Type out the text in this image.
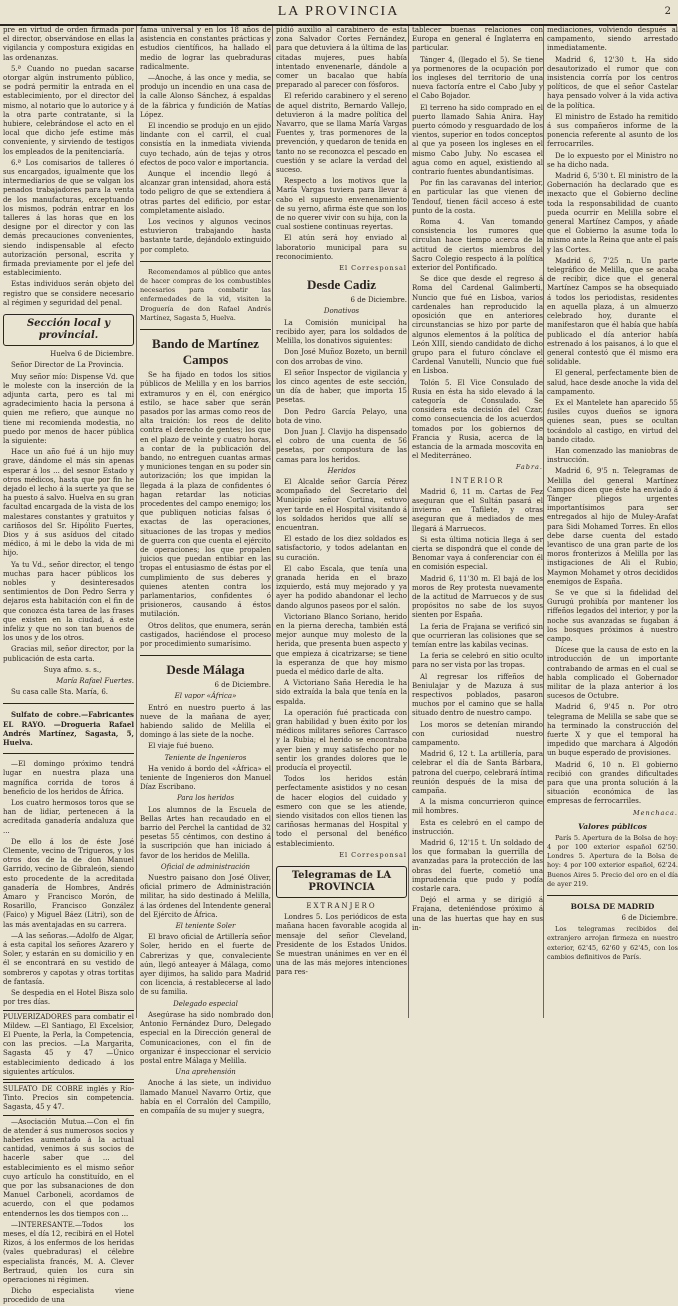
LA PROVINCIA	2

pre en virtud de orden firmada por el director, observándose en ellas la vigilancia y compostura exigidas en las ordenanzas.

5.ª Cuando no puedan sacarse otorgar algún instrumento público, se podrá permitir la entrada en el establecimiento, por el director del mismo, al notario que lo autorice y á la otra parte contratante, si la hubiere, celebrándose el acto en el local que dicho jefe estime más conveniente, y sirviendo de testigos los empleados de la penitenciaría.

6.ª Los comisarios de talleres ó sus encargados, igualmente que los intermediarios de que se valgan los penados trabajadores para la venta de los manufacturas, exceptuando los mismos, podrán entrar en los talleres á las horas que en los designe por el director y con las demás precauciones convenientes, siendo indispensable al efecto autorización personal, escrita y firmada previamente por el jefe del establecimiento.

Estas individuos serán objeto del registro que se considere necesario al régimen y seguridad del penal.

Sección local y provincial.

Huelva 6 de Diciembre.

Señor Director de La Provincia.

Muy señor mío: Dispense Vd. que le moleste con la inserción de la adjunta carta, pero es tal mi agradecimiento hacia la persona á quien me refiero, que aunque no tiene mi recomienda modestia, no puedo por menos de hacer pública la siguiente:

Hace un año fué á un hijo muy grave, dándome el más sin apenas esperar á los ... del sesnor Estado y otros médicos, hasta que por fin he dejado el lecho á la suerte ya que se ha puesto á salvo. Huelva en su gran facultad encargada de la vista de los malestares constantes y gratuitos y cariñosos del Sr. Hipólito Fuertes, Dios y á sus asíduos del citado médico, á mi le debo la vida de mi hijo.

Ya tu Vd., señor director, el tengo muchas para hacer públicos los nobles y desinteresados sentimientos de Don Pedro Serra y dejaros esta habitación con el fin de que conozca ésta tarea de las frases que existen en la ciudad, á este infeliz y que no son tan buenos de los unos y de los otros.

Gracias mil, señor director, por la publicación de esta carta.

Suya afmo. s. s.,

María Rafael Fuertes.

Su casa calle Sta. María, 6.

Sulfato de cobre.—Fabricantes EL RAYO. —Drogueria Rafael Andrés Martínez, Sagasta, 5, Huelva.

—El domingo próximo tendrá lugar en nuestra plaza una magnífica corrida de toros á beneficio de los heridos de África.

Los cuatro hermosos toros que se han de lidiar, pertenecen á la acreditada ganadería andaluza que ...

De ello á los de éste José Clemente, vecino de Trigueros, y los otros dos de la de don Manuel Garrido, vecino de Gibraleón, siendo esto procedente de la acreditada ganadería de Hombres, Andrés Amaro y Francisco Morón, de Rosarillo, Francisco González (Faico) y Miguel Báez (Litri), son de las más aventajadas en su carrera.

—A las señoras.—Adolfo de Algar, á esta capital los señores Azarero y Soler, y estarán en su domicilio y en él se encontrará en su vestido de sombreros y capotas y otras tortitas de fantasía.

Se despedia en el Hotel Bisza solo por tres días.

PULVERIZADORES para combatir el Mildew. —El Santiago, El Excelsior, El Puente, la Perla, la Competencia, con las precios. —La Margarita, Sagasta 45 y 47 —Único establecimiento dedicado á los siguientes artículos.

SULFATO DE COBRE inglés y Río-Tinto. Precios sin competencia. Sagasta, 45 y 47.

—Asociación Mutua.—Con el fin de atender á sus numerosos socios y haberles aumentado á la actual cantidad, venimos á sus socios de hacerle saber que ... del establecimiento es el mismo señor cuyo artículo ha constituído, en el que por las subsanaciones de don Manuel Carboneli, acordamos de acuerdo, con el que podamos entendernos les dos tiempos con ...

—INTERESANTE.—Todos los meses, el día 12, recibirá en el Hotel Rizos, á los enfermos de los heridas (vales quebraduras) el célebre especialista francés, M. A. Clever Bertraud, quien los cura sin operaciones ni régimen.

Dicho especialista viene procedido de una

fama universal y en los 18 años de asistencia en constantes prácticas y estudios científicos, ha hallado el medio de lograr las quebraduras radicalmente.

—Anoche, á las once y media, se produjo un incendio en una casa de la calle Alonso Sánchez, á espaldas de la fábrica y fundición de Matías López.

El incendio se produjo en un ejido lindante con el carril, el cual consistía en la inmediata vivienda cuyo techado, aún de tejas y otros efectos de poco valor e importancia.

Aunque el incendio llegó á alcanzar gran intensidad, ahora está todo peligro de que se extendiera á otras partes del edificio, por estar completamente aislado.

Los vecinos y algunos vecinos estuvieron trabajando hasta bastante tarde, dejándolo extinguido por completo.

Recomendamos al público que antes de hacer compras de los combustibles necesarios para combatir las enfermedades de la vid, visiten la Droguería de don Rafael Andrés Martínez, Sagasta 5, Huelva.

Bando de Martínez Campos

Se ha fijado en todos los sitios públicos de Melilla y en los barrios extramuros y en él, con enérgico estilo, se hace saber que serán pasados por las armas como reos de alta traición: los reos de delito contra el derecho de gentes; los que en el plazo de veinte y cuatro horas, a contar de la publicación del bando, no entreguen cuantas armas y municiones tengan en su poder sin autorización; los que impidan la llegada á la plaza de confidentes ó hagan retardar las noticias procedentes del campo enemigo; los que publiquen noticias falsas ó exactas de las operaciones, situaciones de las tropas y medios de guerra con que cuenta el ejército de operaciones; los que propalen juicios que puedan entibiar en las tropas el entusiasmo de éstas por el cumplimiento de sus deberes y quienes atenten contra los parlamentarios, confidentes ó prisioneros, causando á éstos mutilación.

Otros delitos, que enumera, serán castigados, haciéndose el proceso por procedimiento sumarísimo.

Desde Málaga

6 de Diciembre.

El vapor «África»

Entró en nuestro puerto á las nueve de la mañana de ayer, habiendo salido de Melilla el domingo á las siete de la noche.

El viaje fué bueno.

Teniente de Ingenieros

Ha venido á bordo del «África» el teniente de Ingenieros don Manuel Díaz Escribano.

Para los heridos

Los alumnos de la Escuela de Bellas Artes han recaudado en el barrio del Perchel la cantidad de 32 pesetas 55 céntimos, con destino á la suscripción que han iniciado á favor de los heridos de Melilla.

Oficial de administración

Nuestro paisano don José Oliver, oficial primero de Administración militar, ha sido destinado á Melilla, á las órdenes del Intendente general del Ejército de África.

El teniente Soler

El bravo oficial de Artillería señor Soler, herido en el fuerte de Cabrerizas y que, convaleciente aún, llegó anteayer á Málaga, como ayer dijimos, ha salido para Madrid con licencia, á restablecerse al lado de su familia.

Delegado especial

Asegúrase ha sido nombrado don Antonio Fernández Duro, Delegado especial en la Dirección general de Comunicaciones, con el fin de organizar é inspeccionar el servicio postal entre Málaga y Melilla.

Una aprehensión

Anoche á las siete, un individuo llamado Manuel Navarro Ortiz, que había en el Corralón del Campillo, en compañía de su mujer y suegra,

pidió auxilio al carabinero de esta zona Salvador Cortes Fernández, para que detuviera á la última de las citadas mujeres, pues había intentado envenenarle, dándole a comer un bacalao que había preparado al parecer con fósforos.

El referido carabinero y el sereno de aquel distrito, Bernardo Vallejo, detuvieron á la madre política del Navarro, que se llama María Vargas Fuentes y, tras pormenores de la prevención, y quedaron de tenida en tanto no se reconozca el pescado en cuestión y se aclare la verdad del suceso.

Respecto a los motivos que la María Vargas tuviera para llevar á cabo el supuesto envenenamiento de su yerno, afirma éste que son los de no querer vivir con su hija, con la cual sostiene continuas reyertas.

El atún será hoy enviado al laboratorio municipal para su reconocimiento.

El Corresponsal
Desde Cadiz

6 de Diciembre.

Donativos

La Comisión municipal ha recibido ayer, para los soldados de Melilla, los donativos siguientes:

Don José Muñoz Bozeto, un bernil con dos arrobas de vino.

El señor Inspector de vigilancia y los cinco agentes de este sección, un día de haber, que importa 15 pesetas.

Don Pedro García Pelayo, una bota de vino.

Don Juan J. Clavijo ha dispensado el cobro de una cuenta de 56 pesetas, por compostura de las camas para los heridos.

Heridos

El Alcalde señor García Pérez acompañado del Secretario del Municipio señor Cortina, estuvo ayer tarde en el Hospital visitando á los soldados heridos que allí se encuentran.

El estado de los diez soldados es satisfactorio, y todos adelantan en su curación.

El cabo Escala, que tenía una granada herida en el brazo izquierdo, está muy mejorado y ya ayer ha podido abandonar el lecho dando algunos paseos por el salón.

Victoriano Blanco Soriano, herido en la pierna derecha, también está mejor aunque muy molesto de la herida, que presenta buen aspecto y que empieza á cicatrizarse; se tiene la esperanza de que hoy mismo pueda el médico darle de alta.

A Victoriano Saña Heredia le ha sido extraída la bala que tenía en la espalda.

La operación fué practicada con gran habilidad y buen éxito por los médicos militares señores Carrasco y la Rubia; el herido se encontraba ayer bien y muy satisfecho por no sentir los grandes dolores que le producía el proyectil.

Todos los heridos están perfectamente asistidos y no cesan de hacer elogios del cuidado y esmero con que se les atiende, siendo visitados con ellos tienen las cariñosas hermanas del Hospital y todo el personal del benéfico establecimiento.

El Corresponsal
Telegramas de LA PROVINCIA
EXTRANJERO

Londres 5. Los periódicos de esta mañana hacen favorable acogida al mensaje del señor Cleveland, Presidente de los Estados Unidos. Se muestran unánimes en ver en él una de las más mejores intenciones para res-

tablecer buenas relaciones con Europa en general é Inglaterra en particular.

Tánger 4, (llegado el 5). Se tiene ya pormenores de la ocupación por los ingleses del territorio de una nueva factoría entre el Cabo Juby y el Cabo Bojador.

El terreno ha sido comprado en el puerto llamado Sahia Anira. Hay puerto cómodo y resguardado de los vientos, superior en todos conceptos al que ya poseen los ingleses en el mismo Cabo Juby. No escasea el agua como en aquel, existiendo al contrario fuentes abundantísimas.

Por fin las caravanas del interior, en particular las que vienen de Tendouf, tienen fácil acceso á este punto de la costa.

Roma 4. Van tomando consistencia los rumores que circulan hace tiempo acerca de la actitud de ciertos miembros del Sacro Colegio respecto á la política exterior del Pontificado.

Se dice que desde el regreso á Roma del Cardenal Galimberti, Nuncio que fué en Lisboa, varios cardenales han reproducido la oposición que en anteriores circunstancias se hizo por parte de algunos elementos á la política de León XIII, siendo candidato de dicho grupo para el futuro cónclave el Cardenal Vanutelli, Nuncio que fué en Lisboa.

Tolón 5. El Vice Consulado de Rusia en ésta ha sido elevado á la categoría de Consulado. Se considera esta decisión del Czar, como consecuencia de los acuerdos tomados por los gobiernos de Francia y Rusia, acerca de la estancia de la armada moscovita en el Mediterráneo.

Fabra.
INTERIOR

Madrid 6, 11 m. Cartas de Fez aseguran que el Sultán pasará el invierno en Tafilete, y otras aseguran que á mediados de mes llegará á Marruecos.

Si esta última noticia llega á ser cierta se dispondrá que el conde de Benomar vaya á conferenciar con él en comisión especial.

Madrid 6, 11'30 m. El bajá de los moros de Rey protesta nuevamente de la actitud de Marruecos y de sus propósitos no sabe de los suyos sienten por España.

La feria de Frajana se verificó sin que ocurrieran las colisiones que se temían entre las kabilas vecinas.

La feria se celebró en sitio oculto para no ser vista por las tropas.

Al regresar los riffeños de Beniulajar y de Mazuza á sus respectivos poblados, pasaron muchos por el camino que se halla situado dentro de nuestro campo.

Los moros se detenían mirando con curiosidad nuestro campamento.

Madrid 6, 12 t. La artillería, para celebrar el día de Santa Bárbara, patrona del cuerpo, celebrará íntima reunión después de la misa de campaña.

A la misma concurrieron quince mil hombres.

Esta es celebró en el campo de instrucción.

Madrid 6, 12'15 t. Un soldado de los que formaban la guerrilla de avanzadas para la protección de las obras del fuerte, cometió una imprudencia que pudo y podía costarle cara.

Dejó el arma y se dirigió á Frajana, deteniéndose próximo á una de las huertas que hay en sus in-

mediaciones, volviendo después al campamento, siendo arrestado inmediatamente.

Madrid 6, 12'30 t. Ha sido desautorizado el rumor que con insistencia corría por los centros políticos, de que el señor Castelar haya pensado volver á la vida activa de la política.

El ministro de Estado ha remitido á sus compañeros informe de la ponencia referente al asunto de los ferrocarriles.

De lo expuesto por el Ministro no se ha dicho nada.

Madrid 6, 5'30 t. El ministro de la Gobernación ha declarado que es inexacto que el Gobierno decline toda la responsabilidad de cuanto pueda ocurrir en Melilla sobre el general Martínez Campos, y añade que el Gobierno la asume toda lo mismo ante la Reina que ante el país y las Cortes.

Madrid 6, 7'25 n. Un parte telegráfico de Melilla, que se acaba de recibir, dice que el general Martínez Campos se ha obsequiado á todos los periodistas, residentes en aquella plaza, á un almuerzo celebrado hoy, durante el manifestaron que él había que había publicado el día anterior había estrenado á los paisanos, á lo que el general contestó que él mismo era solidable.

El general, perfectamente bien de salud, hace desde anoche la vida del campamento.

Ex el Mantelete han aparecido 55 fusiles cuyos dueños se ignora quienes sean, pues se ocultan tocándolo al castigo, en virtud del bando citado.

Han comenzado las maniobras de instrucción.

Madrid 6, 9'5 n. Telegramas de Melilla del general Martínez Campos dicen que éste ha enviado á Tánger pliegos urgentes importantísimos para ser entregados al hijo de Muley-Arafat para Sidi Mohamed Torres. En ellos debe darse cuenta del estado levantisco de una gran parte de los moros fronterizos á Melilla por las instigaciones de Ali el Rubio, Maymon Mohamet y otros decididos enemigos de España.

Se ve que si la fidelidad del Gurugú prohibía por mantener los riffeños legados del interior, y por la noche sus avanzadas se fugaban á los bosques próximos á nuestro campo.

Dícese que la causa de esto en la introducción de un importante contrabando de armas en el cual se habla complicado el Gobernador militar de la plaza anterior á los sucesos de Octubre.

Madrid 6, 9'45 n. Por otro telegrama de Melilla se sabe que se ha terminado la construcción del fuerte X y que el temporal ha impedido que marchara á Algodón un buque esperado de provisiones.

Madrid 6, 10 n. El gobierno recibió con grandes dificultades para que una pronta solución á la situación económica de las empresas de ferrocarriles.

Menchaca.
Valores públicos

París 5. Apertura de la Bolsa de hoy: 4 por 100 exterior español 62'50. Londres 5. Apertura de la Bolsa de hoy: 4 por 100 exterior español, 62'24. Buenos Aires 5. Precio del oro en el día de ayer 219.

BOLSA DE MADRID

6 de Diciembre.

Los telegramas recibidos del extranjero arrojan firmeza en nuestro exterior, 62'45, 62'60 y 62'45, con los cambios definitivos de París.
